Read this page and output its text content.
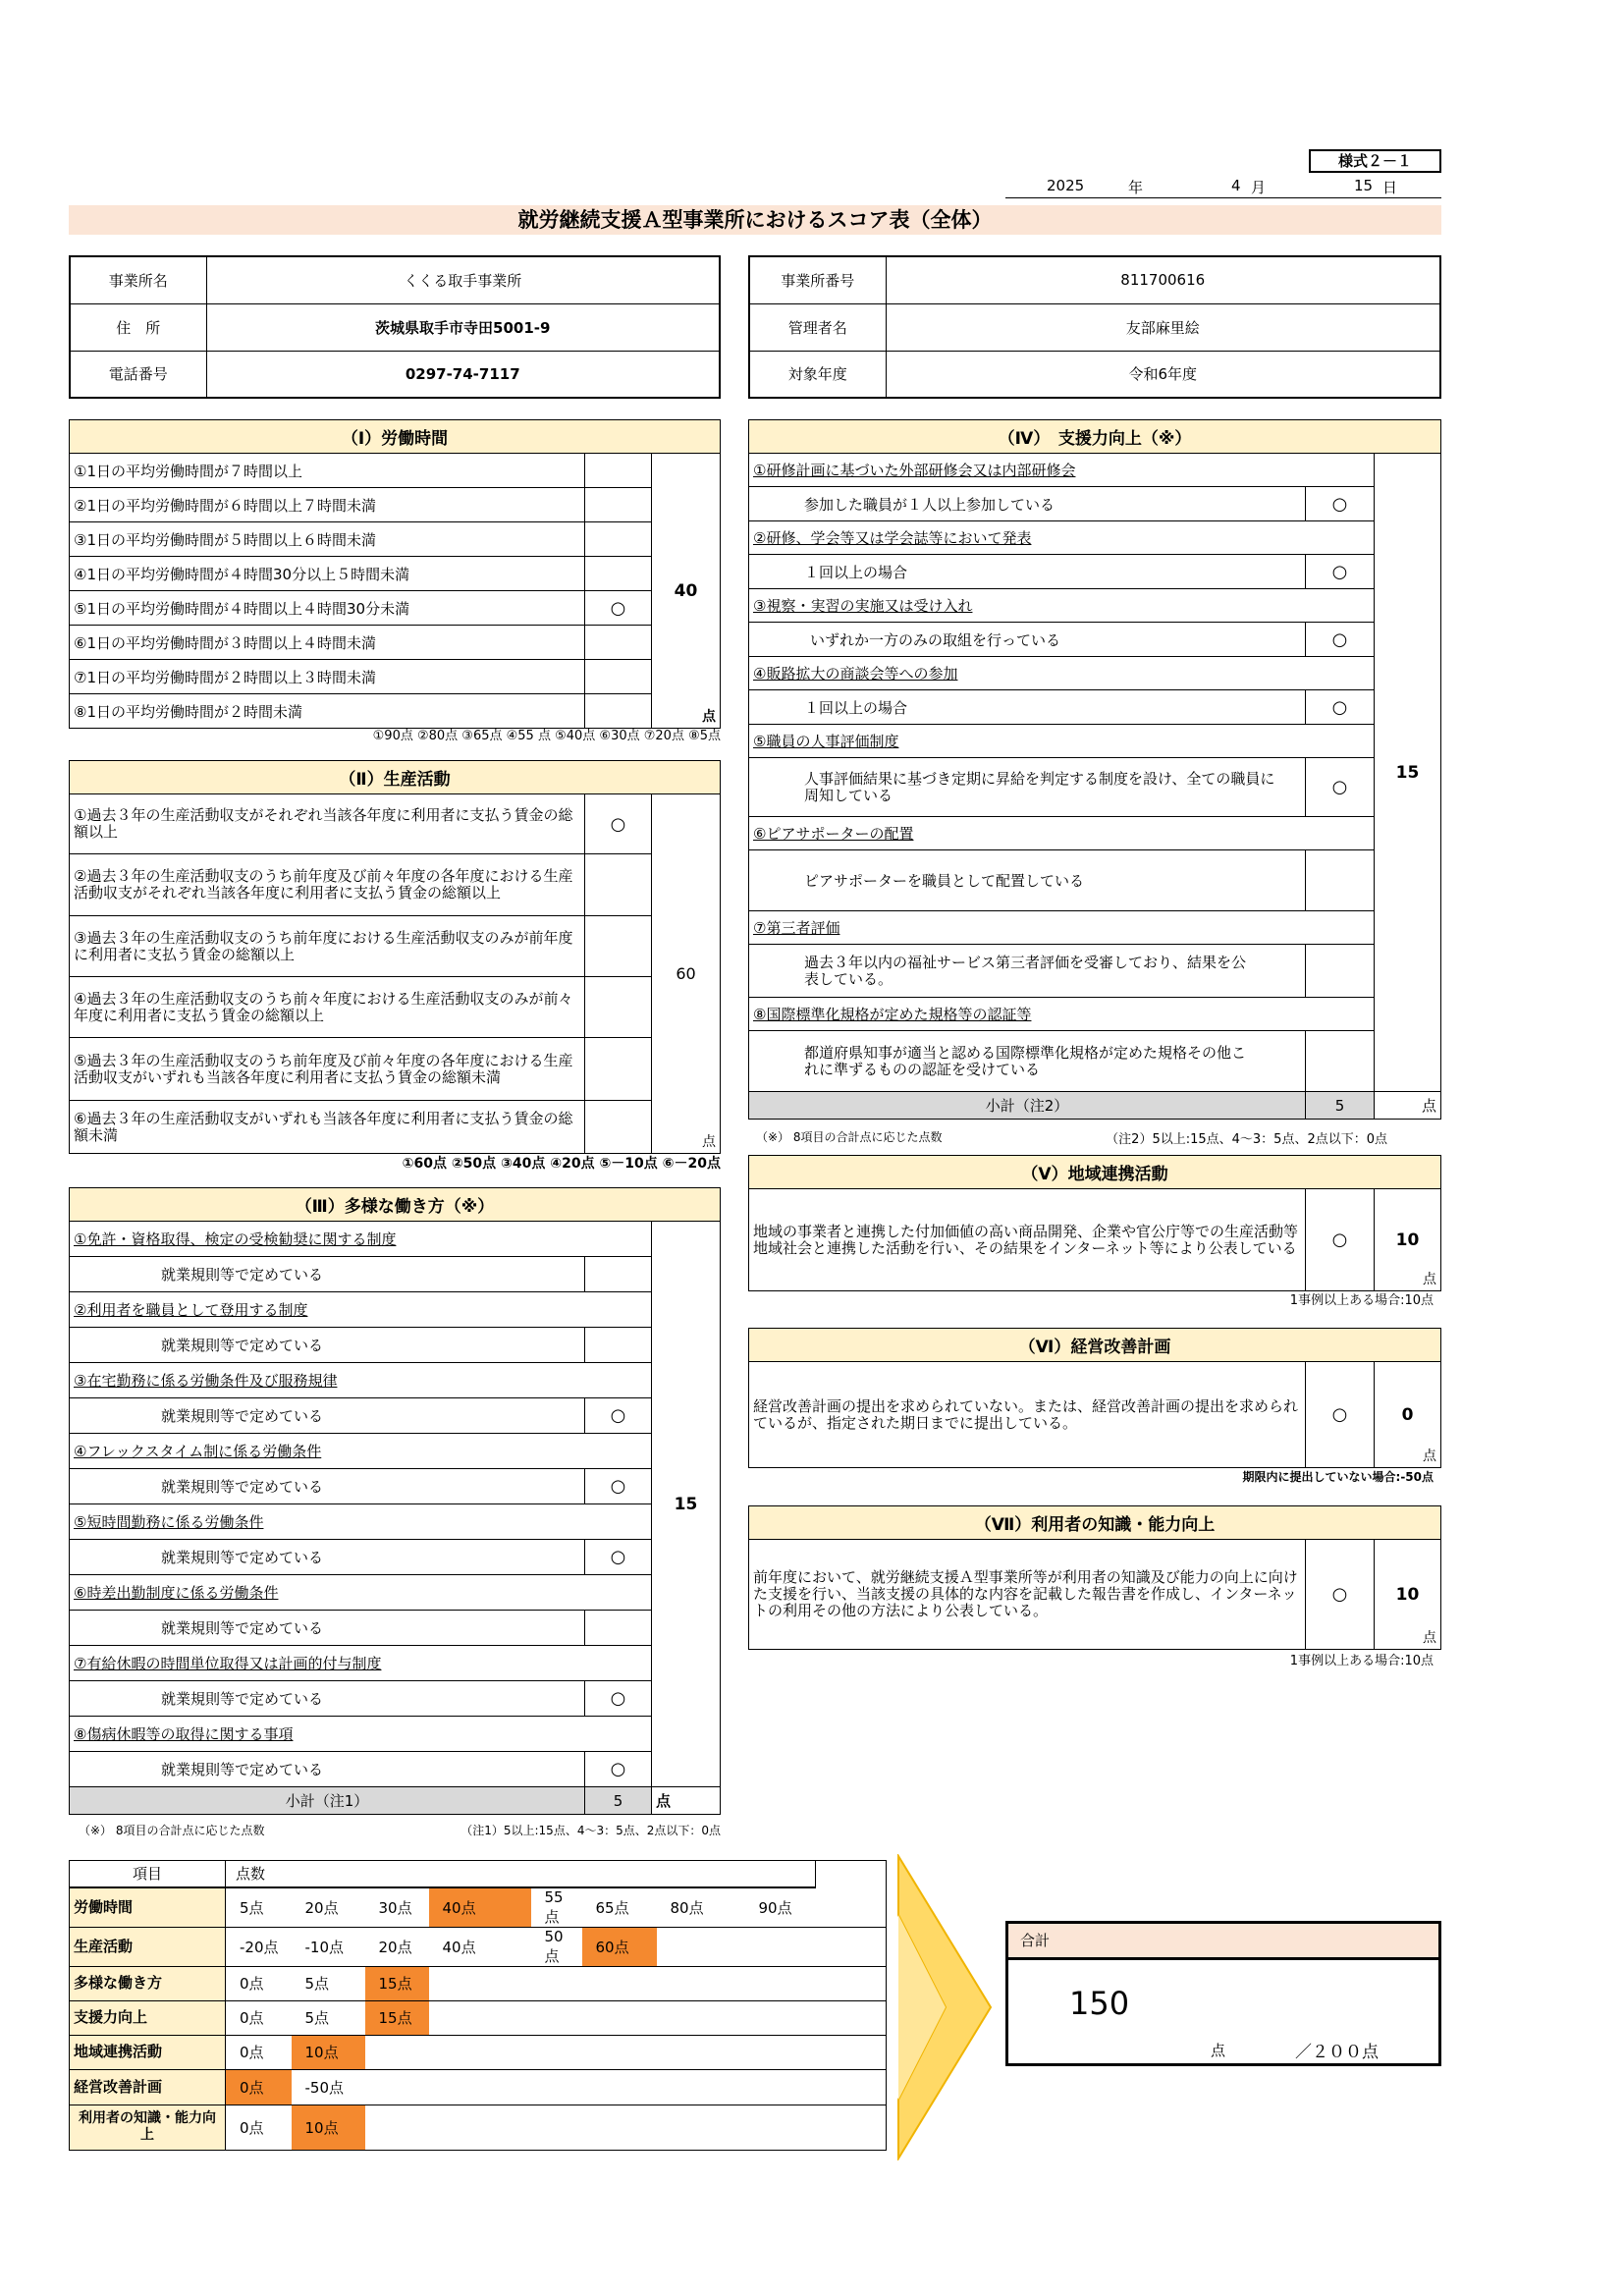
様式２－１
2025	年	4 月	15 日
就労継続支援Ａ型事業所におけるスコア表（全体）
事業所名	くくる取手事業所
住　所	茨城県取手市寺田5001-9
電話番号	0297-74-7117
事業所番号	811700616
管理者名	友部麻里絵
対象年度	令和6年度
（Ⅰ）労働時間		
①1日の平均労働時間が７時間以上		40
点

②1日の平均労働時間が６時間以上７時間未満		
③1日の平均労働時間が５時間以上６時間未満		
④1日の平均労働時間が４時間30分以上５時間未満		
⑤1日の平均労働時間が４時間以上４時間30分未満	○	
⑥1日の平均労働時間が３時間以上４時間未満		
⑦1日の平均労働時間が２時間以上３時間未満		
⑧1日の平均労働時間が２時間未満		
①90点 ②80点 ③65点 ④55 点 ⑤40点 ⑥30点 ⑦20点 ⑧5点
（Ⅱ）生産活動		
①過去３年の生産活動収支がそれぞれ当該各年度に利用者に支払う賃金の総額以上	○	60
点

②過去３年の生産活動収支のうち前年度及び前々年度の各年度における生産活動収支がそれぞれ当該各年度に利用者に支払う賃金の総額以上		
③過去３年の生産活動収支のうち前年度における生産活動収支のみが前年度に利用者に支払う賃金の総額以上		
④過去３年の生産活動収支のうち前々年度における生産活動収支のみが前々年度に利用者に支払う賃金の総額以上		
⑤過去３年の生産活動収支のうち前年度及び前々年度の各年度における生産活動収支がいずれも当該各年度に利用者に支払う賃金の総額未満		
⑥過去３年の生産活動収支がいずれも当該各年度に利用者に支払う賃金の総額未満		
①60点 ②50点 ③40点 ④20点 ⑤－10点 ⑥－20点
（Ⅲ）多様な働き方（※）		
①免許・資格取得、検定の受検勧奨に関する制度		15
就業規則等で定めている		
②利用者を職員として登用する制度		
就業規則等で定めている		
③在宅勤務に係る労働条件及び服務規律		
就業規則等で定めている	○	
④フレックスタイム制に係る労働条件		
就業規則等で定めている	○	
⑤短時間勤務に係る労働条件		
就業規則等で定めている	○	
⑥時差出勤制度に係る労働条件		
就業規則等で定めている		
⑦有給休暇の時間単位取得又は計画的付与制度		
就業規則等で定めている	○	
⑧傷病休暇等の取得に関する事項		
就業規則等で定めている	○	
小計（注1）	5	点
（※） 8項目の合計点に応じた点数	（注1）5以上:15点、4～3：5点、2点以下：0点
（Ⅳ）　支援力向上（※）		
①研修計画に基づいた外部研修会又は内部研修会		15
参加した職員が１人以上参加している	○	
②研修、学会等又は学会誌等において発表		
１回以上の場合	○	
③視察・実習の実施又は受け入れ		
いずれか一方のみの取組を行っている	○	
④販路拡大の商談会等への参加		
１回以上の場合	○	
⑤職員の人事評価制度		
人事評価結果に基づき定期に昇給を判定する制度を設け、全ての職員に周知している	○	
⑥ピアサポーターの配置		
ピアサポーターを職員として配置している		
⑦第三者評価		
過去３年以内の福祉サービス第三者評価を受審しており、結果を公表している。		
⑧国際標準化規格が定めた規格等の認証等		
都道府県知事が適当と認める国際標準化規格が定めた規格その他これに準ずるものの認証を受けている		
小計（注2）	5	点
（※） 8項目の合計点に応じた点数	（注2）5以上:15点、4～3：5点、2点以下：0点
（Ⅴ）地域連携活動
地域の事業者と連携した付加価値の高い商品開発、企業や官公庁等での生産活動等地域社会と連携した活動を行い、その結果をインターネット等により公表している	○	10
点
1事例以上ある場合:10点
（Ⅵ）経営改善計画
経営改善計画の提出を求められていない。または、経営改善計画の提出を求められているが、指定された期日までに提出している。	○	0
点
期限内に提出していない場合:-50点
（Ⅶ）利用者の知識・能力向上
前年度において、就労継続支援Ａ型事業所等が利用者の知識及び能力の向上に向けた支援を行い、当該支援の具体的な内容を記載した報告書を作成し、インターネットの利用その他の方法により公表している。	○	10
点
1事例以上ある場合:10点
項目	点数								
労働時間	5点	20点	30点	40点	55点	65点	80点	90点	
生産活動	-20点	-10点	20点	40点	50点	60点			
多様な働き方	0点	5点	15点						
支援力向上	0点	5点	15点						
地域連携活動	0点	10点							
経営改善計画	0点	-50点							
利用者の知識・能力向上	0点	10点							
合計
150
点	／２００点
